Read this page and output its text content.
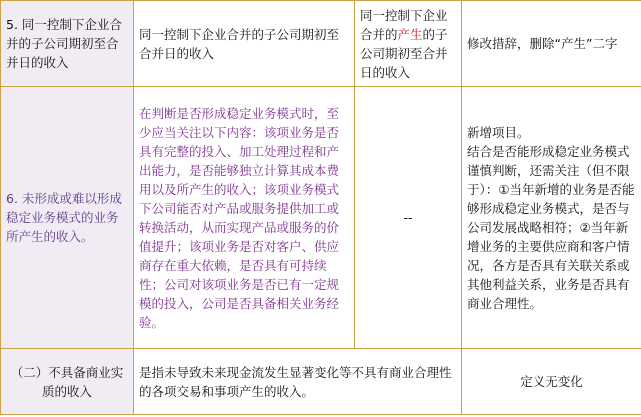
5. 同一控制下企业合并的子公司期初至合并日的收入	同一控制下企业合并的子公司期初至合并日的收入	同一控制下企业合并的产生的子公司期初至合并日的收入	修改措辞，删除“产生”二字
6. 未形成或难以形成稳定业务模式的业务所产生的收入。	在判断是否形成稳定业务模式时，至少应当关注以下内容：该项业务是否具有完整的投入、加工处理过程和产出能力，是否能够独立计算其成本费用以及所产生的收入；该项业务模式下公司能否对产品或服务提供加工或转换活动，从而实现产品或服务的价值提升；该项业务是否对客户、供应商存在重大依赖，是否具有可持续性；公司对该项业务是否已有一定规模的投入，公司是否具备相关业务经验。	--	新增项目。
结合是否能形成稳定业务模式谨慎判断，还需关注（但不限于）：①当年新增的业务是否能够形成稳定业务模式，是否与公司发展战略相符；②当年新增业务的主要供应商和客户情况，各方是否具有关联关系或其他利益关系，业务是否具有商业合理性。

（二）不具备商业实质的收入	是指未导致未来现金流发生显著变化等不具有商业合理性的各项交易和事项产生的收入。		定义无变化
